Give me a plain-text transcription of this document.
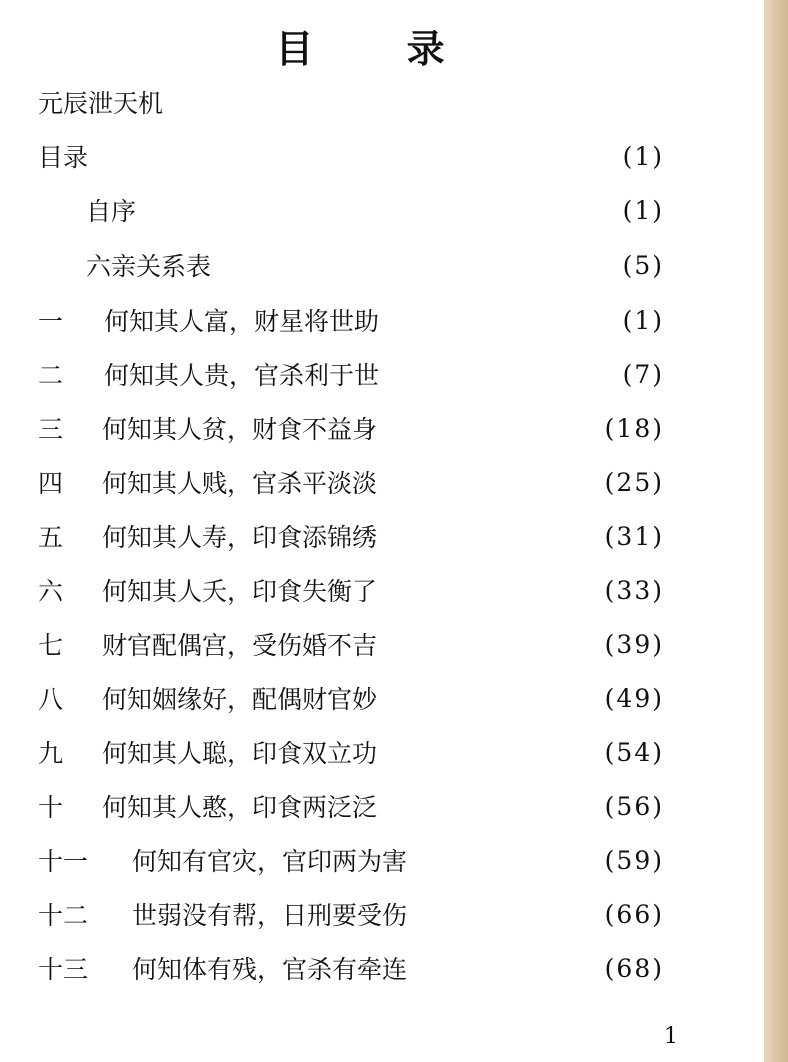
目 录
元辰泄天机
目录	(1)
自序	(1)
六亲关系表	(5)
一	何知其人富，财星将世助	(1)
二	何知其人贵，官杀利于世	(7)
三	何知其人贫，财食不益身	(18)
四	何知其人贱，官杀平淡淡	(25)
五	何知其人寿，印食添锦绣	(31)
六	何知其人夭，印食失衡了	(33)
七	财官配偶宫，受伤婚不吉	(39)
八	何知姻缘好，配偶财官妙	(49)
九	何知其人聪，印食双立功	(54)
十	何知其人憨，印食两泛泛	(56)
十一	何知有官灾，官印两为害	(59)
十二	世弱没有帮，日刑要受伤	(66)
十三	何知体有残，官杀有牵连	(68)
1
